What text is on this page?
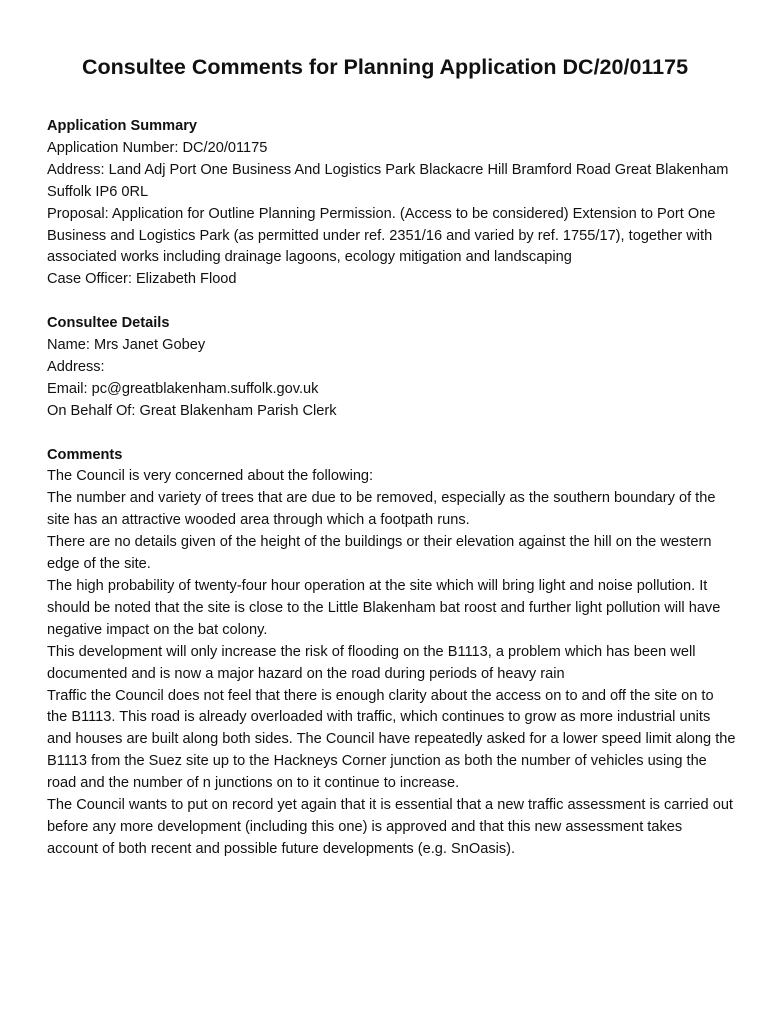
Consultee Comments for Planning Application DC/20/01175

Application Summary

Application Number: DC/20/01175

Address: Land Adj Port One Business And Logistics Park Blackacre Hill Bramford Road Great Blakenham Suffolk IP6 0RL

Proposal: Application for Outline Planning Permission. (Access to be considered) Extension to Port One Business and Logistics Park (as permitted under ref. 2351/16 and varied by ref. 1755/17), together with associated works including drainage lagoons, ecology mitigation and landscaping

Case Officer: Elizabeth Flood

Consultee Details

Name: Mrs Janet Gobey

Address:

Email: pc@greatblakenham.suffolk.gov.uk

On Behalf Of: Great Blakenham Parish Clerk

Comments

The Council is very concerned about the following:

The number and variety of trees that are due to be removed, especially as the southern boundary of the site has an attractive wooded area through which a footpath runs.

There are no details given of the height of the buildings or their elevation against the hill on the western edge of the site.

The high probability of twenty-four hour operation at the site which will bring light and noise pollution. It should be noted that the site is close to the Little Blakenham bat roost and further light pollution will have negative impact on the bat colony.

This development will only increase the risk of flooding on the B1113, a problem which has been well documented and is now a major hazard on the road during periods of heavy rain

Traffic the Council does not feel that there is enough clarity about the access on to and off the site on to the B1113. This road is already overloaded with traffic, which continues to grow as more industrial units and houses are built along both sides. The Council have repeatedly asked for a lower speed limit along the B1113 from the Suez site up to the Hackneys Corner junction as both the number of vehicles using the road and the number of n junctions on to it continue to increase.

The Council wants to put on record yet again that it is essential that a new traffic assessment is carried out before any more development (including this one) is approved and that this new assessment takes account of both recent and possible future developments (e.g. SnOasis).
